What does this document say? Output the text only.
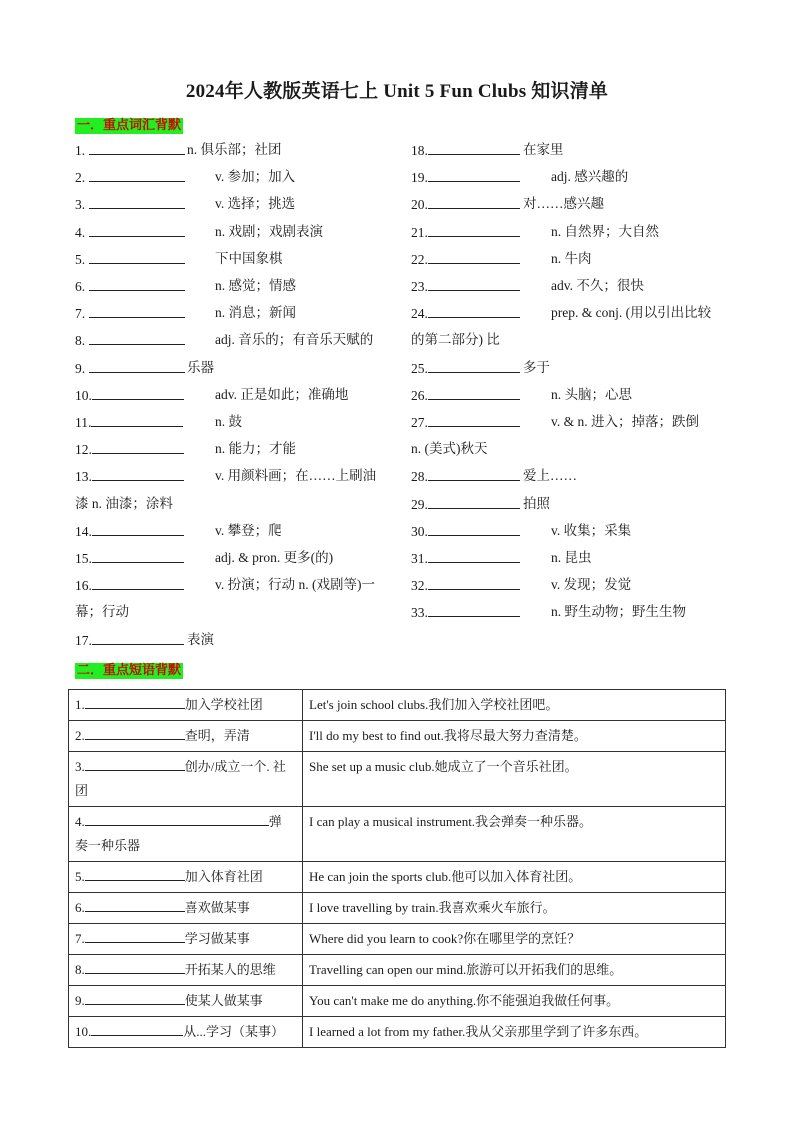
2024年人教版英语七上 Unit 5 Fun Clubs 知识清单
一．重点词汇背默
1.	n. 俱乐部；社团
2.	v. 参加；加入
3.	v. 选择；挑选
4.	n. 戏剧；戏剧表演
5.	下中国象棋
6.	n. 感觉；情感
7.	n. 消息；新闻
8.	adj. 音乐的；有音乐天赋的
9.	乐器
10.	adv. 正是如此；准确地
11.	n. 鼓
12.	n. 能力；才能
13.	v. 用颜料画；在……上刷油
漆 n. 油漆；涂料
14.	v. 攀登；爬
15.	adj. & pron. 更多(的)
16.	v. 扮演；行动 n. (戏剧等)一
幕；行动
17.	表演
18.	在家里
19.	adj. 感兴趣的
20.	对……感兴趣
21.	n. 自然界；大自然
22.	n. 牛肉
23.	adv. 不久；很快
24.	prep. & conj. (用以引出比较
的第二部分) 比
25.	多于
26.	n. 头脑；心思
27.	v. & n. 进入；掉落；跌倒
n. (美式)秋天
28.	爱上……
29.	拍照
30.	v. 收集；采集
31.	n. 昆虫
32.	v. 发现；发觉
33.	n. 野生动物；野生生物
二．重点短语背默
1. 加入学校社团	Let's join school clubs.我们加入学校社团吧。
2. 查明，弄清	I'll do my best to find out.我将尽最大努力查清楚。
3. 创办/成立一个. 社
团	She set up a music club.她成立了一个音乐社团。
4. 弹
奏一种乐器	I can play a musical instrument.我会弹奏一种乐器。
5. 加入体育社团	He can join the sports club.他可以加入体育社团。
6. 喜欢做某事	I love travelling by train.我喜欢乘火车旅行。
7. 学习做某事	Where did you learn to cook?你在哪里学的烹饪？
8. 开拓某人的思维	Travelling can open our mind.旅游可以开拓我们的思维。
9. 使某人做某事	You can't make me do anything.你不能强迫我做任何事。
10. 从...学习（某事）	I learned a lot from my father.我从父亲那里学到了许多东西。
